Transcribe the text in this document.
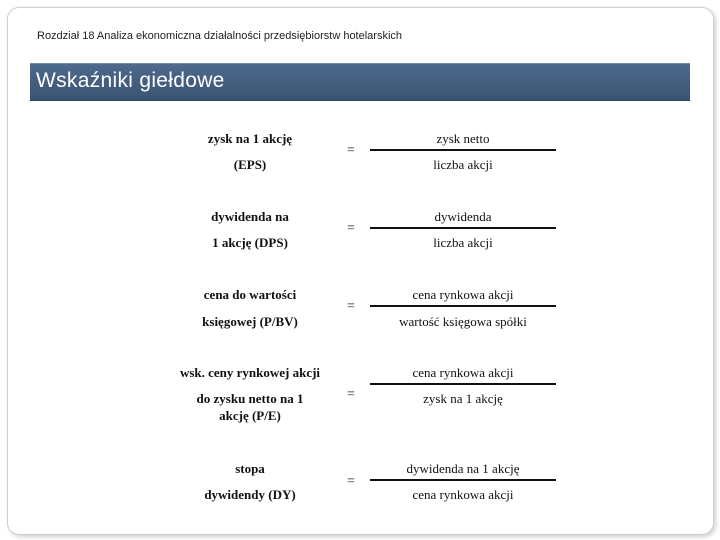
Rozdział 18 Analiza ekonomiczna działalności przedsiębiorstw hotelarskich
Wskaźniki giełdowe
zysk na 1 akcję
(EPS)
=
zysk netto
liczba akcji
dywidenda na
1 akcję (DPS)
=
dywidenda
liczba akcji
cena do wartości
księgowej (P/BV)
=
cena rynkowa akcji
wartość księgowa spółki
wsk. ceny rynkowej akcji
do zysku netto na 1
akcję (P/E)
=
cena rynkowa akcji
zysk na 1 akcję
stopa
dywidendy (DY)
=
dywidenda na 1 akcję
cena rynkowa akcji
